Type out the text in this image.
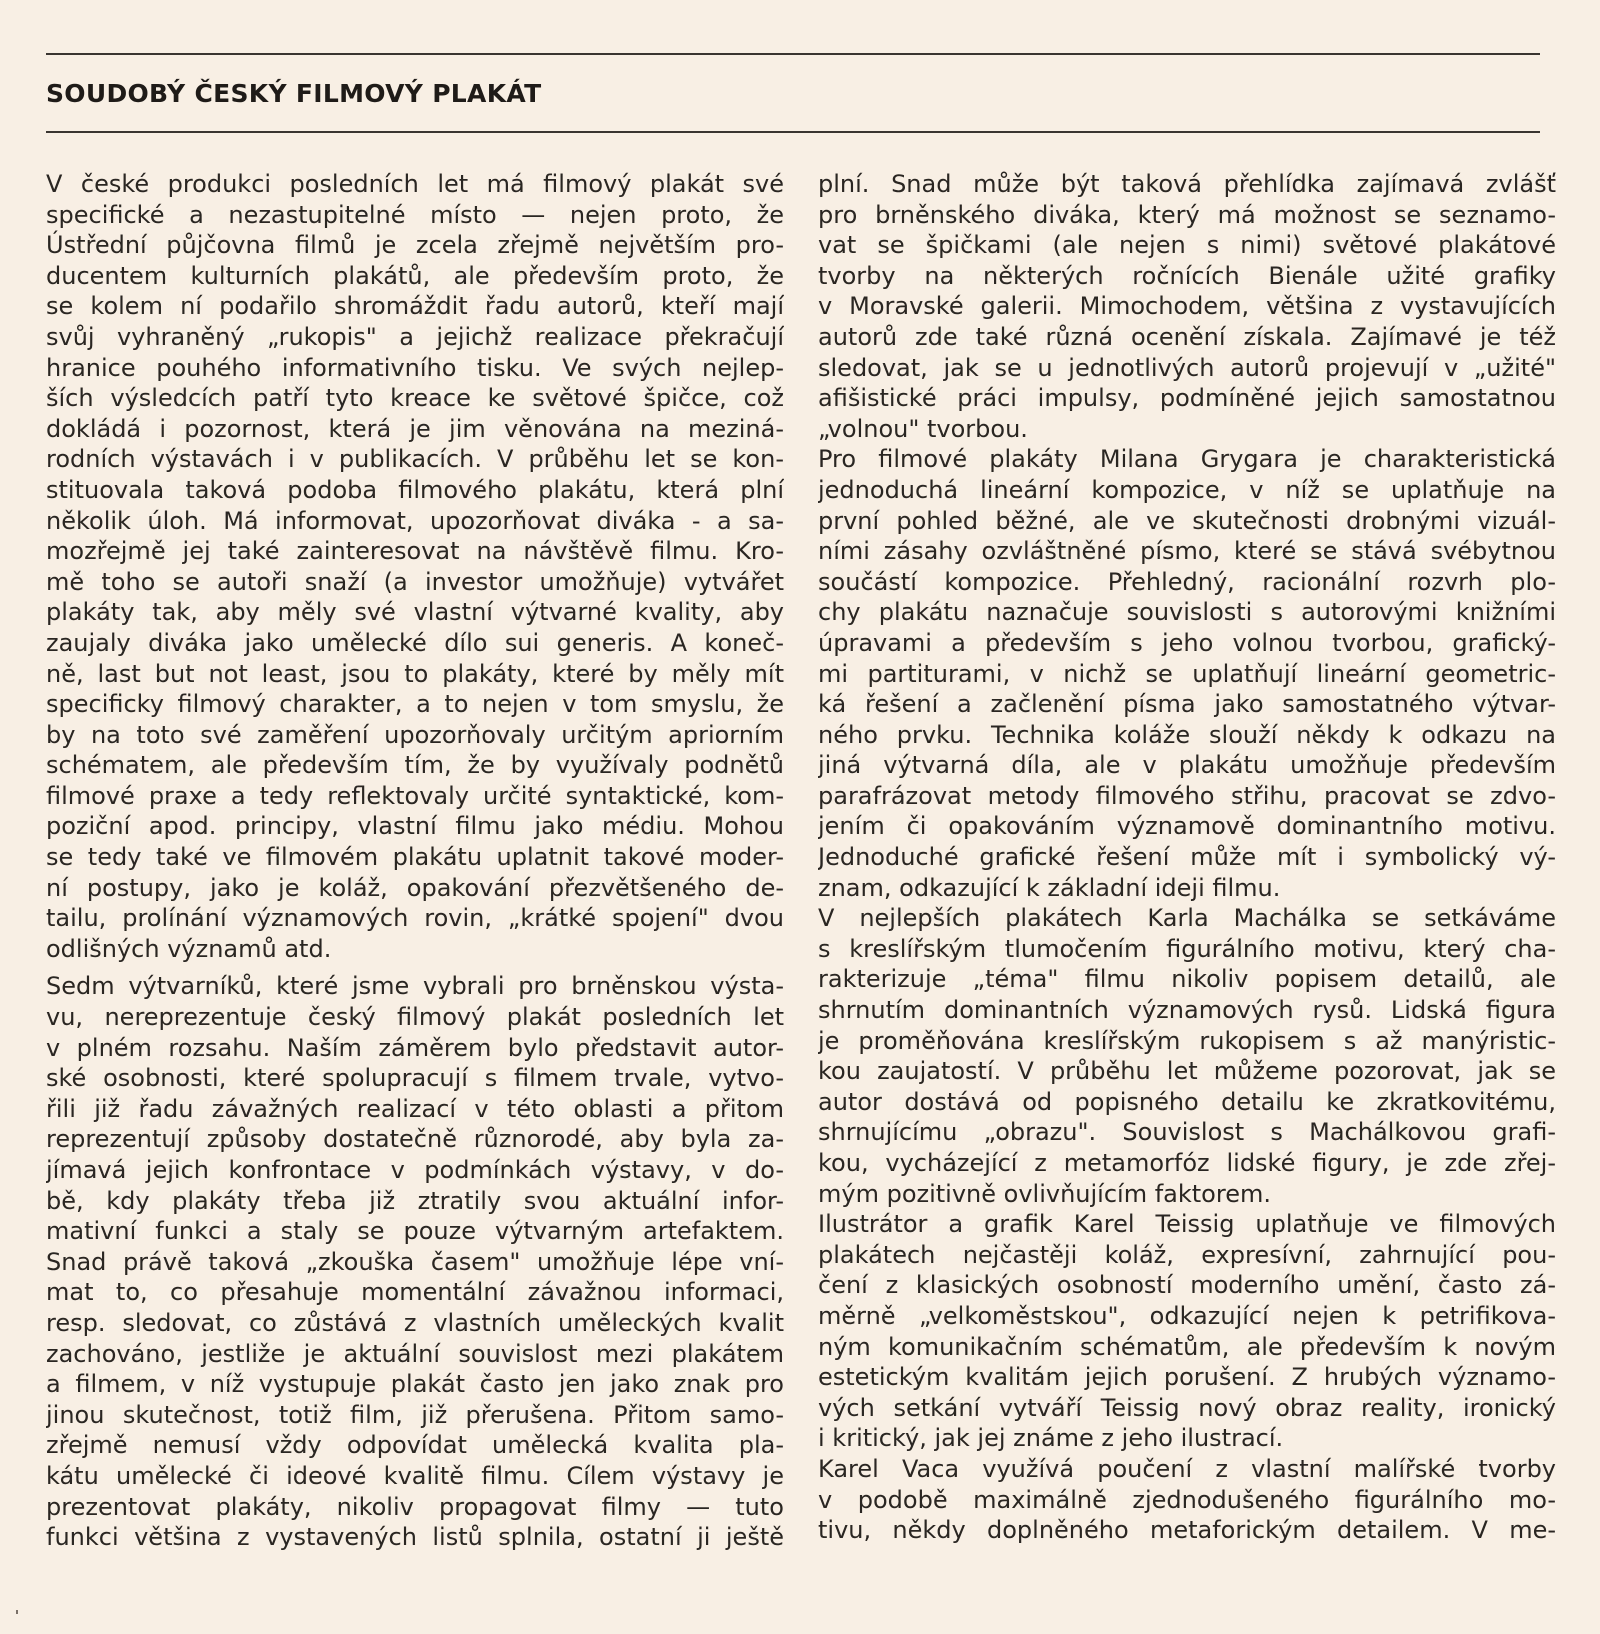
SOUDOBÝ ČESKÝ FILMOVÝ PLAKÁT
V české produkci posledních let má filmový plakát své
specifické a nezastupitelné místo — nejen proto, že
Ústřední půjčovna filmů je zcela zřejmě největším pro-
ducentem kulturních plakátů, ale především proto, že
se kolem ní podařilo shromáždit řadu autorů, kteří mají
svůj vyhraněný „rukopis" a jejichž realizace překračují
hranice pouhého informativního tisku. Ve svých nejlep-
ších výsledcích patří tyto kreace ke světové špičce, což
dokládá i pozornost, která je jim věnována na meziná-
rodních výstavách i v publikacích. V průběhu let se kon-
stituovala taková podoba filmového plakátu, která plní
několik úloh. Má informovat, upozorňovat diváka - a sa-
mozřejmě jej také zainteresovat na návštěvě filmu. Kro-
mě toho se autoři snaží (a investor umožňuje) vytvářet
plakáty tak, aby měly své vlastní výtvarné kvality, aby
zaujaly diváka jako umělecké dílo sui generis. A koneč-
ně, last but not least, jsou to plakáty, které by měly mít
specificky filmový charakter, a to nejen v tom smyslu, že
by na toto své zaměření upozorňovaly určitým apriorním
schématem, ale především tím, že by využívaly podnětů
filmové praxe a tedy reflektovaly určité syntaktické, kom-
poziční apod. principy, vlastní filmu jako médiu. Mohou
se tedy také ve filmovém plakátu uplatnit takové moder-
ní postupy, jako je koláž, opakování přezvětšeného de-
tailu, prolínání významových rovin, „krátké spojení" dvou
odlišných významů atd.
Sedm výtvarníků, které jsme vybrali pro brněnskou výsta-
vu, nereprezentuje český filmový plakát posledních let
v plném rozsahu. Naším záměrem bylo představit autor-
ské osobnosti, které spolupracují s filmem trvale, vytvo-
řili již řadu závažných realizací v této oblasti a přitom
reprezentují způsoby dostatečně různorodé, aby byla za-
jímavá jejich konfrontace v podmínkách výstavy, v do-
bě, kdy plakáty třeba již ztratily svou aktuální infor-
mativní funkci a staly se pouze výtvarným artefaktem.
Snad právě taková „zkouška časem" umožňuje lépe vní-
mat to, co přesahuje momentální závažnou informaci,
resp. sledovat, co zůstává z vlastních uměleckých kvalit
zachováno, jestliže je aktuální souvislost mezi plakátem
a filmem, v níž vystupuje plakát často jen jako znak pro
jinou skutečnost, totiž film, již přerušena. Přitom samo-
zřejmě nemusí vždy odpovídat umělecká kvalita pla-
kátu umělecké či ideové kvalitě filmu. Cílem výstavy je
prezentovat plakáty, nikoliv propagovat filmy — tuto
funkci většina z vystavených listů splnila, ostatní ji ještě
plní. Snad může být taková přehlídka zajímavá zvlášť
pro brněnského diváka, který má možnost se seznamo-
vat se špičkami (ale nejen s nimi) světové plakátové
tvorby na některých ročnících Bienále užité grafiky
v Moravské galerii. Mimochodem, většina z vystavujících
autorů zde také různá ocenění získala. Zajímavé je též
sledovat, jak se u jednotlivých autorů projevují v „užité"
afišistické práci impulsy, podmíněné jejich samostatnou
„volnou" tvorbou.
Pro filmové plakáty Milana Grygara je charakteristická
jednoduchá lineární kompozice, v níž se uplatňuje na
první pohled běžné, ale ve skutečnosti drobnými vizuál-
ními zásahy ozvláštněné písmo, které se stává svébytnou
součástí kompozice. Přehledný, racionální rozvrh plo-
chy plakátu naznačuje souvislosti s autorovými knižními
úpravami a především s jeho volnou tvorbou, grafický-
mi partiturami, v nichž se uplatňují lineární geometric-
ká řešení a začlenění písma jako samostatného výtvar-
ného prvku. Technika koláže slouží někdy k odkazu na
jiná výtvarná díla, ale v plakátu umožňuje především
parafrázovat metody filmového střihu, pracovat se zdvo-
jením či opakováním významově dominantního motivu.
Jednoduché grafické řešení může mít i symbolický vý-
znam, odkazující k základní ideji filmu.
V nejlepších plakátech Karla Machálka se setkáváme
s kreslířským tlumočením figurálního motivu, který cha-
rakterizuje „téma" filmu nikoliv popisem detailů, ale
shrnutím dominantních významových rysů. Lidská figura
je proměňována kreslířským rukopisem s až manýristic-
kou zaujatostí. V průběhu let můžeme pozorovat, jak se
autor dostává od popisného detailu ke zkratkovitému,
shrnujícímu „obrazu". Souvislost s Machálkovou grafi-
kou, vycházející z metamorfóz lidské figury, je zde zřej-
mým pozitivně ovlivňujícím faktorem.
Ilustrátor a grafik Karel Teissig uplatňuje ve filmových
plakátech nejčastěji koláž, expresívní, zahrnující pou-
čení z klasických osobností moderního umění, často zá-
měrně „velkoměstskou", odkazující nejen k petrifikova-
ným komunikačním schématům, ale především k novým
estetickým kvalitám jejich porušení. Z hrubých významo-
vých setkání vytváří Teissig nový obraz reality, ironický
i kritický, jak jej známe z jeho ilustrací.
Karel Vaca využívá poučení z vlastní malířské tvorby
v podobě maximálně zjednodušeného figurálního mo-
tivu, někdy doplněného metaforickým detailem. V me-
